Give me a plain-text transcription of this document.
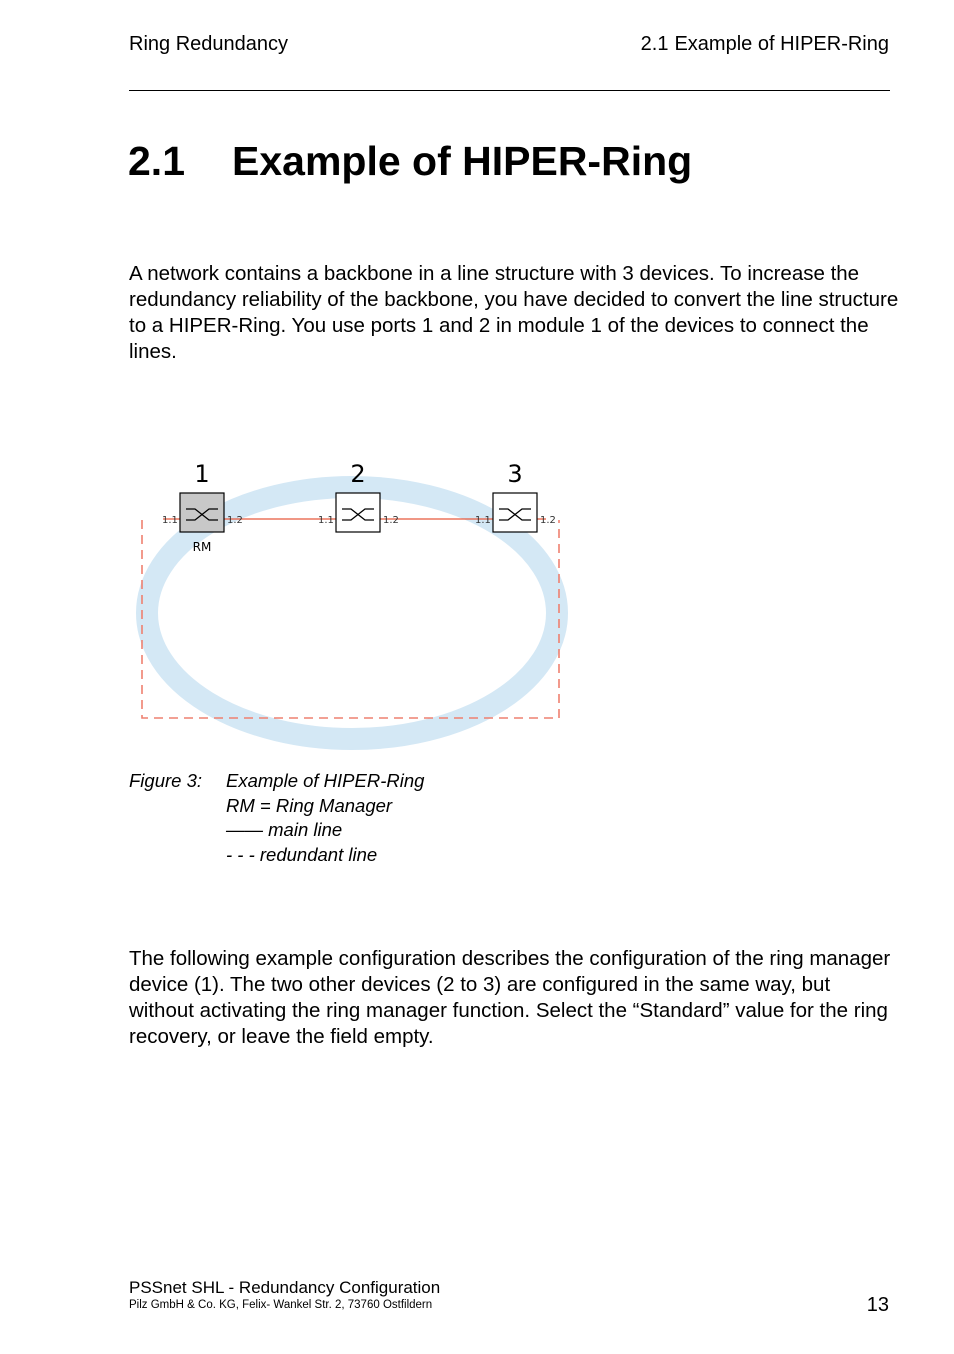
Ring Redundancy	2.1 Example of HIPER-Ring
2.1 Example of HIPER-Ring

A network contains a backbone in a line structure with 3 devices. To increase the redundancy reliability of the backbone, you have decided to convert the line structure to a HIPER-Ring. You use ports 1 and 2 in module 1 of the devices to connect the lines.

1
1.1	1.2
RM
2
1.1	1.2
3
1.1	1.2
Figure 3: Example of HIPER-Ring
RM = Ring Manager
—— main line
- - - redundant line

The following example configuration describes the configuration of the ring manager device (1). The two other devices (2 to 3) are configured in the same way, but without activating the ring manager function. Select the “Standard” value for the ring recovery, or leave the field empty.

PSSnet SHL - Redundancy Configuration
Pilz GmbH & Co. KG, Felix- Wankel Str. 2, 73760 Ostfildern	13
